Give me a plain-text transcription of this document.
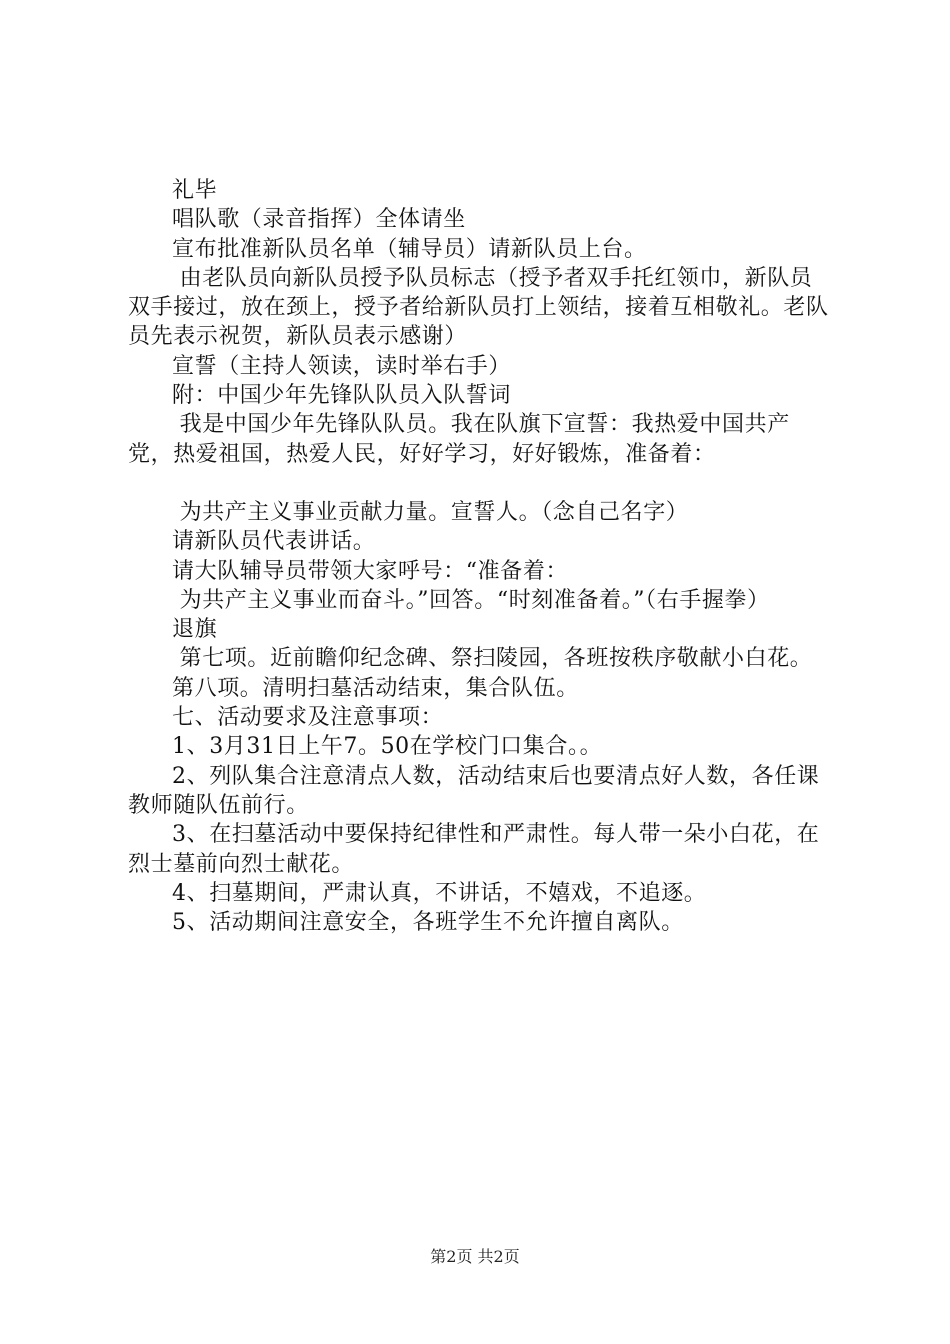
礼毕

唱队歌（录音指挥）全体请坐

宣布批准新队员名单（辅导员）请新队员上台。

由老队员向新队员授予队员标志（授予者双手托红领巾，新队员双手接过，放在颈上，授予者给新队员打上领结，接着互相敬礼。老队员先表示祝贺，新队员表示感谢）

宣誓（主持人领读，读时举右手）

附：中国少年先锋队队员入队誓词

我是中国少年先锋队队员。我在队旗下宣誓：我热爱中国共产党，热爱祖国，热爱人民，好好学习，好好锻炼，准备着：

为共产主义事业贡献力量。宣誓人。（念自己名字）

请新队员代表讲话。

请大队辅导员带领大家呼号：“准备着：

为共产主义事业而奋斗。”回答。“时刻准备着。”（右手握拳）

退旗

第七项。近前瞻仰纪念碑、祭扫陵园，各班按秩序敬献小白花。

第八项。清明扫墓活动结束，集合队伍。

七、活动要求及注意事项：

1、3月31日上午7。50在学校门口集合。。

2、列队集合注意清点人数，活动结束后也要清点好人数，各任课教师随队伍前行。

3、在扫墓活动中要保持纪律性和严肃性。每人带一朵小白花，在烈士墓前向烈士献花。

4、扫墓期间，严肃认真，不讲话，不嬉戏，不追逐。

5、活动期间注意安全，各班学生不允许擅自离队。

第2页 共2页
